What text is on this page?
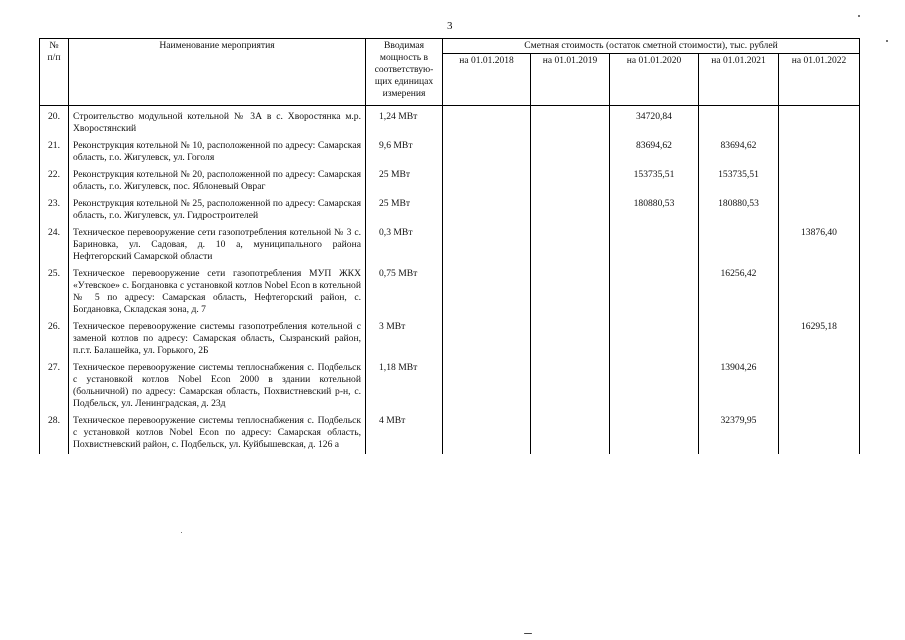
3
№
п/п	Наименование мероприятия	Вводимая мощность в соответствую-щих единицах измерения	Сметная стоимость (остаток сметной стоимости), тыс. рублей				
			на 01.01.2018	на 01.01.2019	на 01.01.2020	на 01.01.2021	на 01.01.2022
20.	Строительство модульной котельной № 3А в с. Хворостянка м.р. Хворостянский	1,24 МВт			34720,84		
21.	Реконструкция котельной № 10, расположенной по адресу: Самарская область, г.о. Жигулевск, ул. Гоголя	9,6 МВт			83694,62	83694,62	
22.	Реконструкция котельной № 20, расположенной по адресу: Самарская область, г.о. Жигулевск, пос. Яблоневый Овраг	25 МВт			153735,51	153735,51	
23.	Реконструкция котельной № 25, расположенной по адресу: Самарская область, г.о. Жигулевск, ул. Гидростроителей	25 МВт			180880,53	180880,53	
24.	Техническое перевооружение сети газопотребления котельной № 3 с. Бариновка, ул. Садовая, д. 10 а, муниципального района Нефтегорский Самарской области	0,3 МВт					13876,40
25.	Техническое перевооружение сети газопотребления МУП ЖКХ «Утевское» с. Богдановка с установкой котлов Nobel Econ в котельной № 5 по адресу: Самарская область, Нефтегорский район, с. Богдановка, Складская зона, д. 7	0,75 МВт				16256,42	
26.	Техническое перевооружение системы газопотребления котельной с заменой котлов по адресу: Самарская область, Сызранский район, п.г.т. Балашейка, ул. Горького, 2Б	3 МВт					16295,18
27.	Техническое перевооружение системы теплоснабжения с. Подбельск с установкой котлов Nobel Econ 2000 в здании котельной (больничной) по адресу: Самарская область, Похвистневский р-н, с. Подбельск, ул. Ленинградская, д. 23д	1,18 МВт				13904,26	
28.	Техническое перевооружение системы теплоснабжения с. Подбельск с установкой котлов Nobel Econ по адресу: Самарская область, Похвистневский район, с. Подбельск, ул. Куйбышевская, д. 126 а	4 МВт				32379,95	
